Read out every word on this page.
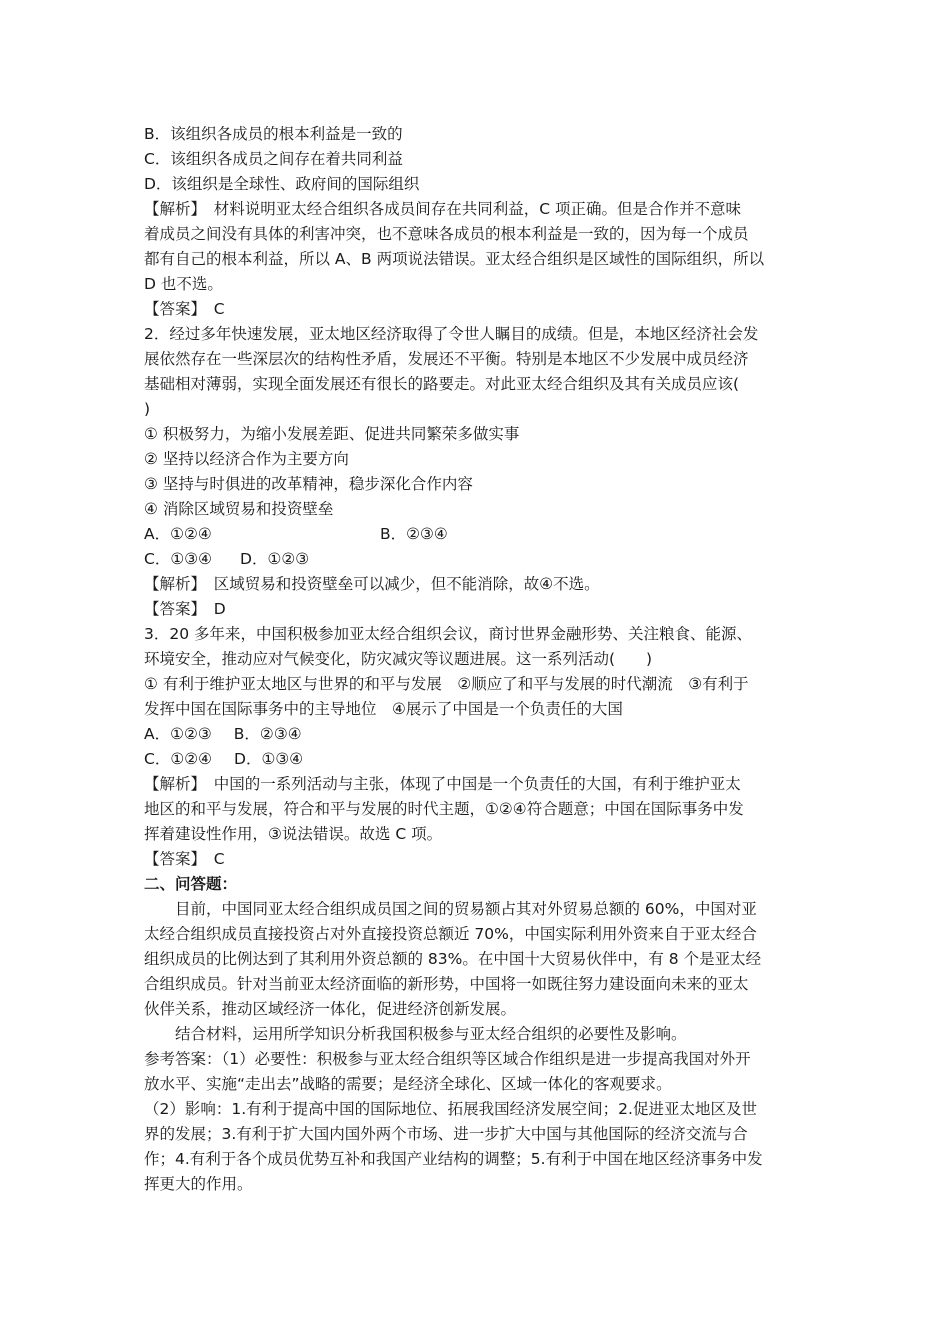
B．该组织各成员的根本利益是一致的
C．该组织各成员之间存在着共同利益
D．该组织是全球性、政府间的国际组织
【解析】　材料说明亚太经合组织各成员间存在共同利益，C 项正确。但是合作并不意味
着成员之间没有具体的利害冲突，也不意味各成员的根本利益是一致的，因为每一个成员
都有自己的根本利益，所以 A、B 两项说法错误。亚太经合组织是区域性的国际组织，所以
D 也不选。
【答案】　C
2．经过多年快速发展，亚太地区经济取得了令世人瞩目的成绩。但是，本地区经济社会发
展依然存在一些深层次的结构性矛盾，发展还不平衡。特别是本地区不少发展中成员经济
基础相对薄弱，实现全面发展还有很长的路要走。对此亚太经合组织及其有关成员应该(
)
① 积极努力，为缩小发展差距、促进共同繁荣多做实事
② 坚持以经济合作为主要方向
③ 坚持与时俱进的改革精神，稳步深化合作内容
④ 消除区域贸易和投资壁垒
A．①②④	B．②③④
C．①③④ D．①②③
【解析】　区域贸易和投资壁垒可以减少，但不能消除，故④不选。
【答案】　D
3．20 多年来，中国积极参加亚太经合组织会议，商讨世界金融形势、关注粮食、能源、
环境安全，推动应对气候变化，防灾减灾等议题进展。这一系列活动(　　)
① 有利于维护亚太地区与世界的和平与发展　②顺应了和平与发展的时代潮流　③有利于
发挥中国在国际事务中的主导地位　④展示了中国是一个负责任的大国
A．①②③ B．②③④
C．①②④ D．①③④
【解析】　中国的一系列活动与主张，体现了中国是一个负责任的大国，有利于维护亚太
地区的和平与发展，符合和平与发展的时代主题，①②④符合题意；中国在国际事务中发
挥着建设性作用，③说法错误。故选 C 项。
【答案】　C
二、问答题：
目前，中国同亚太经合组织成员国之间的贸易额占其对外贸易总额的 60%，中国对亚
太经合组织成员直接投资占对外直接投资总额近 70%，中国实际利用外资来自于亚太经合
组织成员的比例达到了其利用外资总额的 83%。在中国十大贸易伙伴中，有 8 个是亚太经
合组织成员。针对当前亚太经济面临的新形势，中国将一如既往努力建设面向未来的亚太
伙伴关系，推动区域经济一体化，促进经济创新发展。
结合材料，运用所学知识分析我国积极参与亚太经合组织的必要性及影响。
参考答案：（1）必要性：积极参与亚太经合组织等区域合作组织是进一步提高我国对外开
放水平、实施“走出去”战略的需要；是经济全球化、区域一体化的客观要求。
（2）影响：1.有利于提高中国的国际地位、拓展我国经济发展空间；2.促进亚太地区及世
界的发展；3.有利于扩大国内国外两个市场、进一步扩大中国与其他国际的经济交流与合
作；4.有利于各个成员优势互补和我国产业结构的调整；5.有利于中国在地区经济事务中发
挥更大的作用。
